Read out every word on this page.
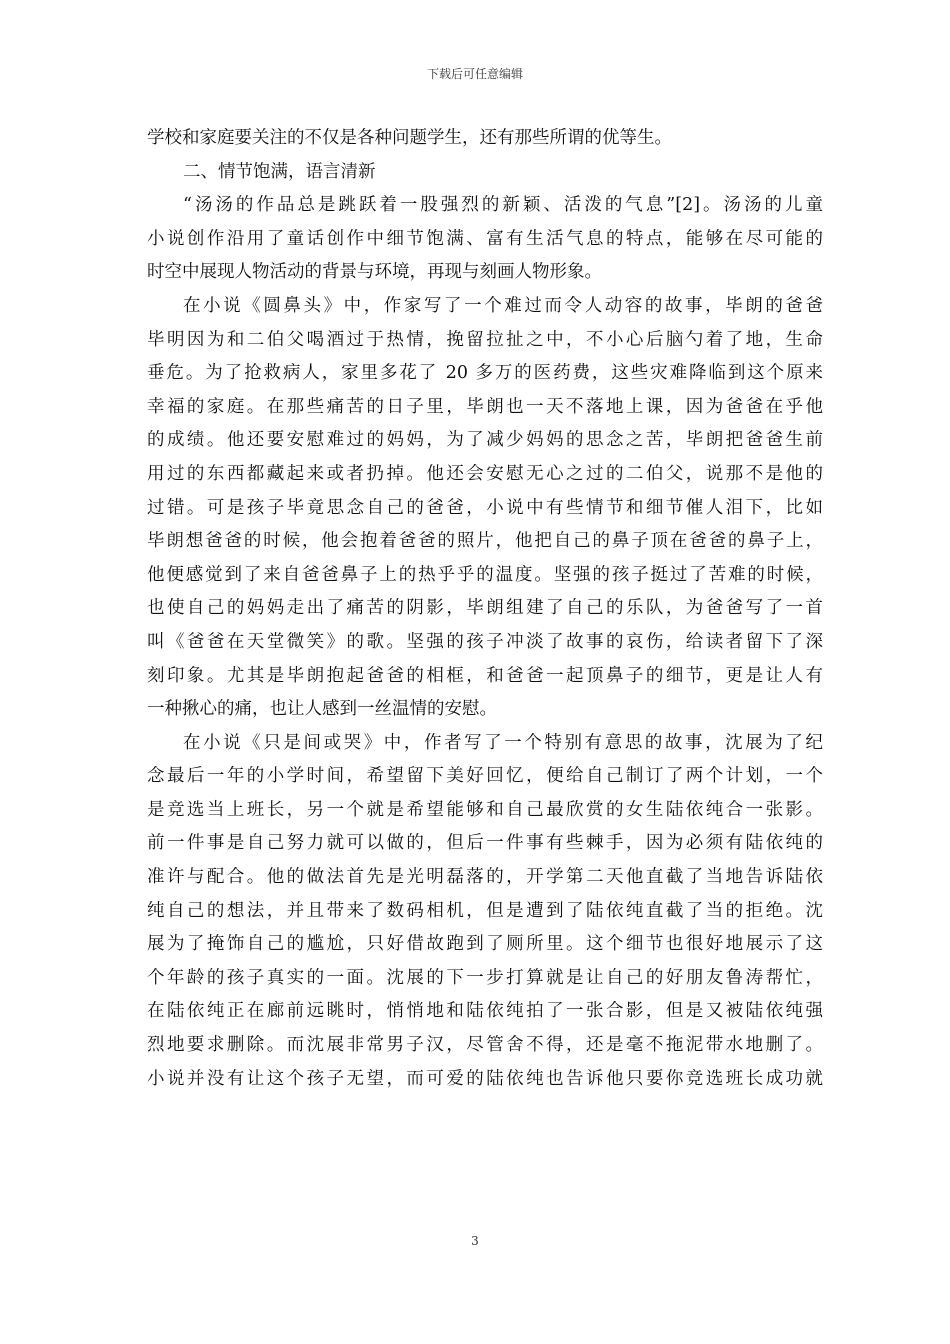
下载后可任意编辑
学校和家庭要关注的不仅是各种问题学生，还有那些所谓的优等生。
二、情节饱满，语言清新
“汤汤的作品总是跳跃着一股强烈的新颖、活泼的气息”[2]。汤汤的儿童
小说创作沿用了童话创作中细节饱满、富有生活气息的特点，能够在尽可能的
时空中展现人物活动的背景与环境，再现与刻画人物形象。
在小说《圆鼻头》中，作家写了一个难过而令人动容的故事，毕朗的爸爸
毕明因为和二伯父喝酒过于热情，挽留拉扯之中，不小心后脑勺着了地，生命
垂危。为了抢救病人，家里多花了 20 多万的医药费，这些灾难降临到这个原来
幸福的家庭。在那些痛苦的日子里，毕朗也一天不落地上课，因为爸爸在乎他
的成绩。他还要安慰难过的妈妈，为了减少妈妈的思念之苦，毕朗把爸爸生前
用过的东西都藏起来或者扔掉。他还会安慰无心之过的二伯父，说那不是他的
过错。可是孩子毕竟思念自己的爸爸，小说中有些情节和细节催人泪下，比如
毕朗想爸爸的时候，他会抱着爸爸的照片，他把自己的鼻子顶在爸爸的鼻子上，
他便感觉到了来自爸爸鼻子上的热乎乎的温度。坚强的孩子挺过了苦难的时候，
也使自己的妈妈走出了痛苦的阴影，毕朗组建了自己的乐队，为爸爸写了一首
叫《爸爸在天堂微笑》的歌。坚强的孩子冲淡了故事的哀伤，给读者留下了深
刻印象。尤其是毕朗抱起爸爸的相框，和爸爸一起顶鼻子的细节，更是让人有
一种揪心的痛，也让人感到一丝温情的安慰。
在小说《只是间或哭》中，作者写了一个特别有意思的故事，沈展为了纪
念最后一年的小学时间，希望留下美好回忆，便给自己制订了两个计划，一个
是竞选当上班长，另一个就是希望能够和自己最欣赏的女生陆依纯合一张影。
前一件事是自己努力就可以做的，但后一件事有些棘手，因为必须有陆依纯的
准许与配合。他的做法首先是光明磊落的，开学第二天他直截了当地告诉陆依
纯自己的想法，并且带来了数码相机，但是遭到了陆依纯直截了当的拒绝。沈
展为了掩饰自己的尴尬，只好借故跑到了厕所里。这个细节也很好地展示了这
个年龄的孩子真实的一面。沈展的下一步打算就是让自己的好朋友鲁涛帮忙，
在陆依纯正在廊前远眺时，悄悄地和陆依纯拍了一张合影，但是又被陆依纯强
烈地要求删除。而沈展非常男子汉，尽管舍不得，还是毫不拖泥带水地删了。
小说并没有让这个孩子无望，而可爱的陆依纯也告诉他只要你竞选班长成功就
3
